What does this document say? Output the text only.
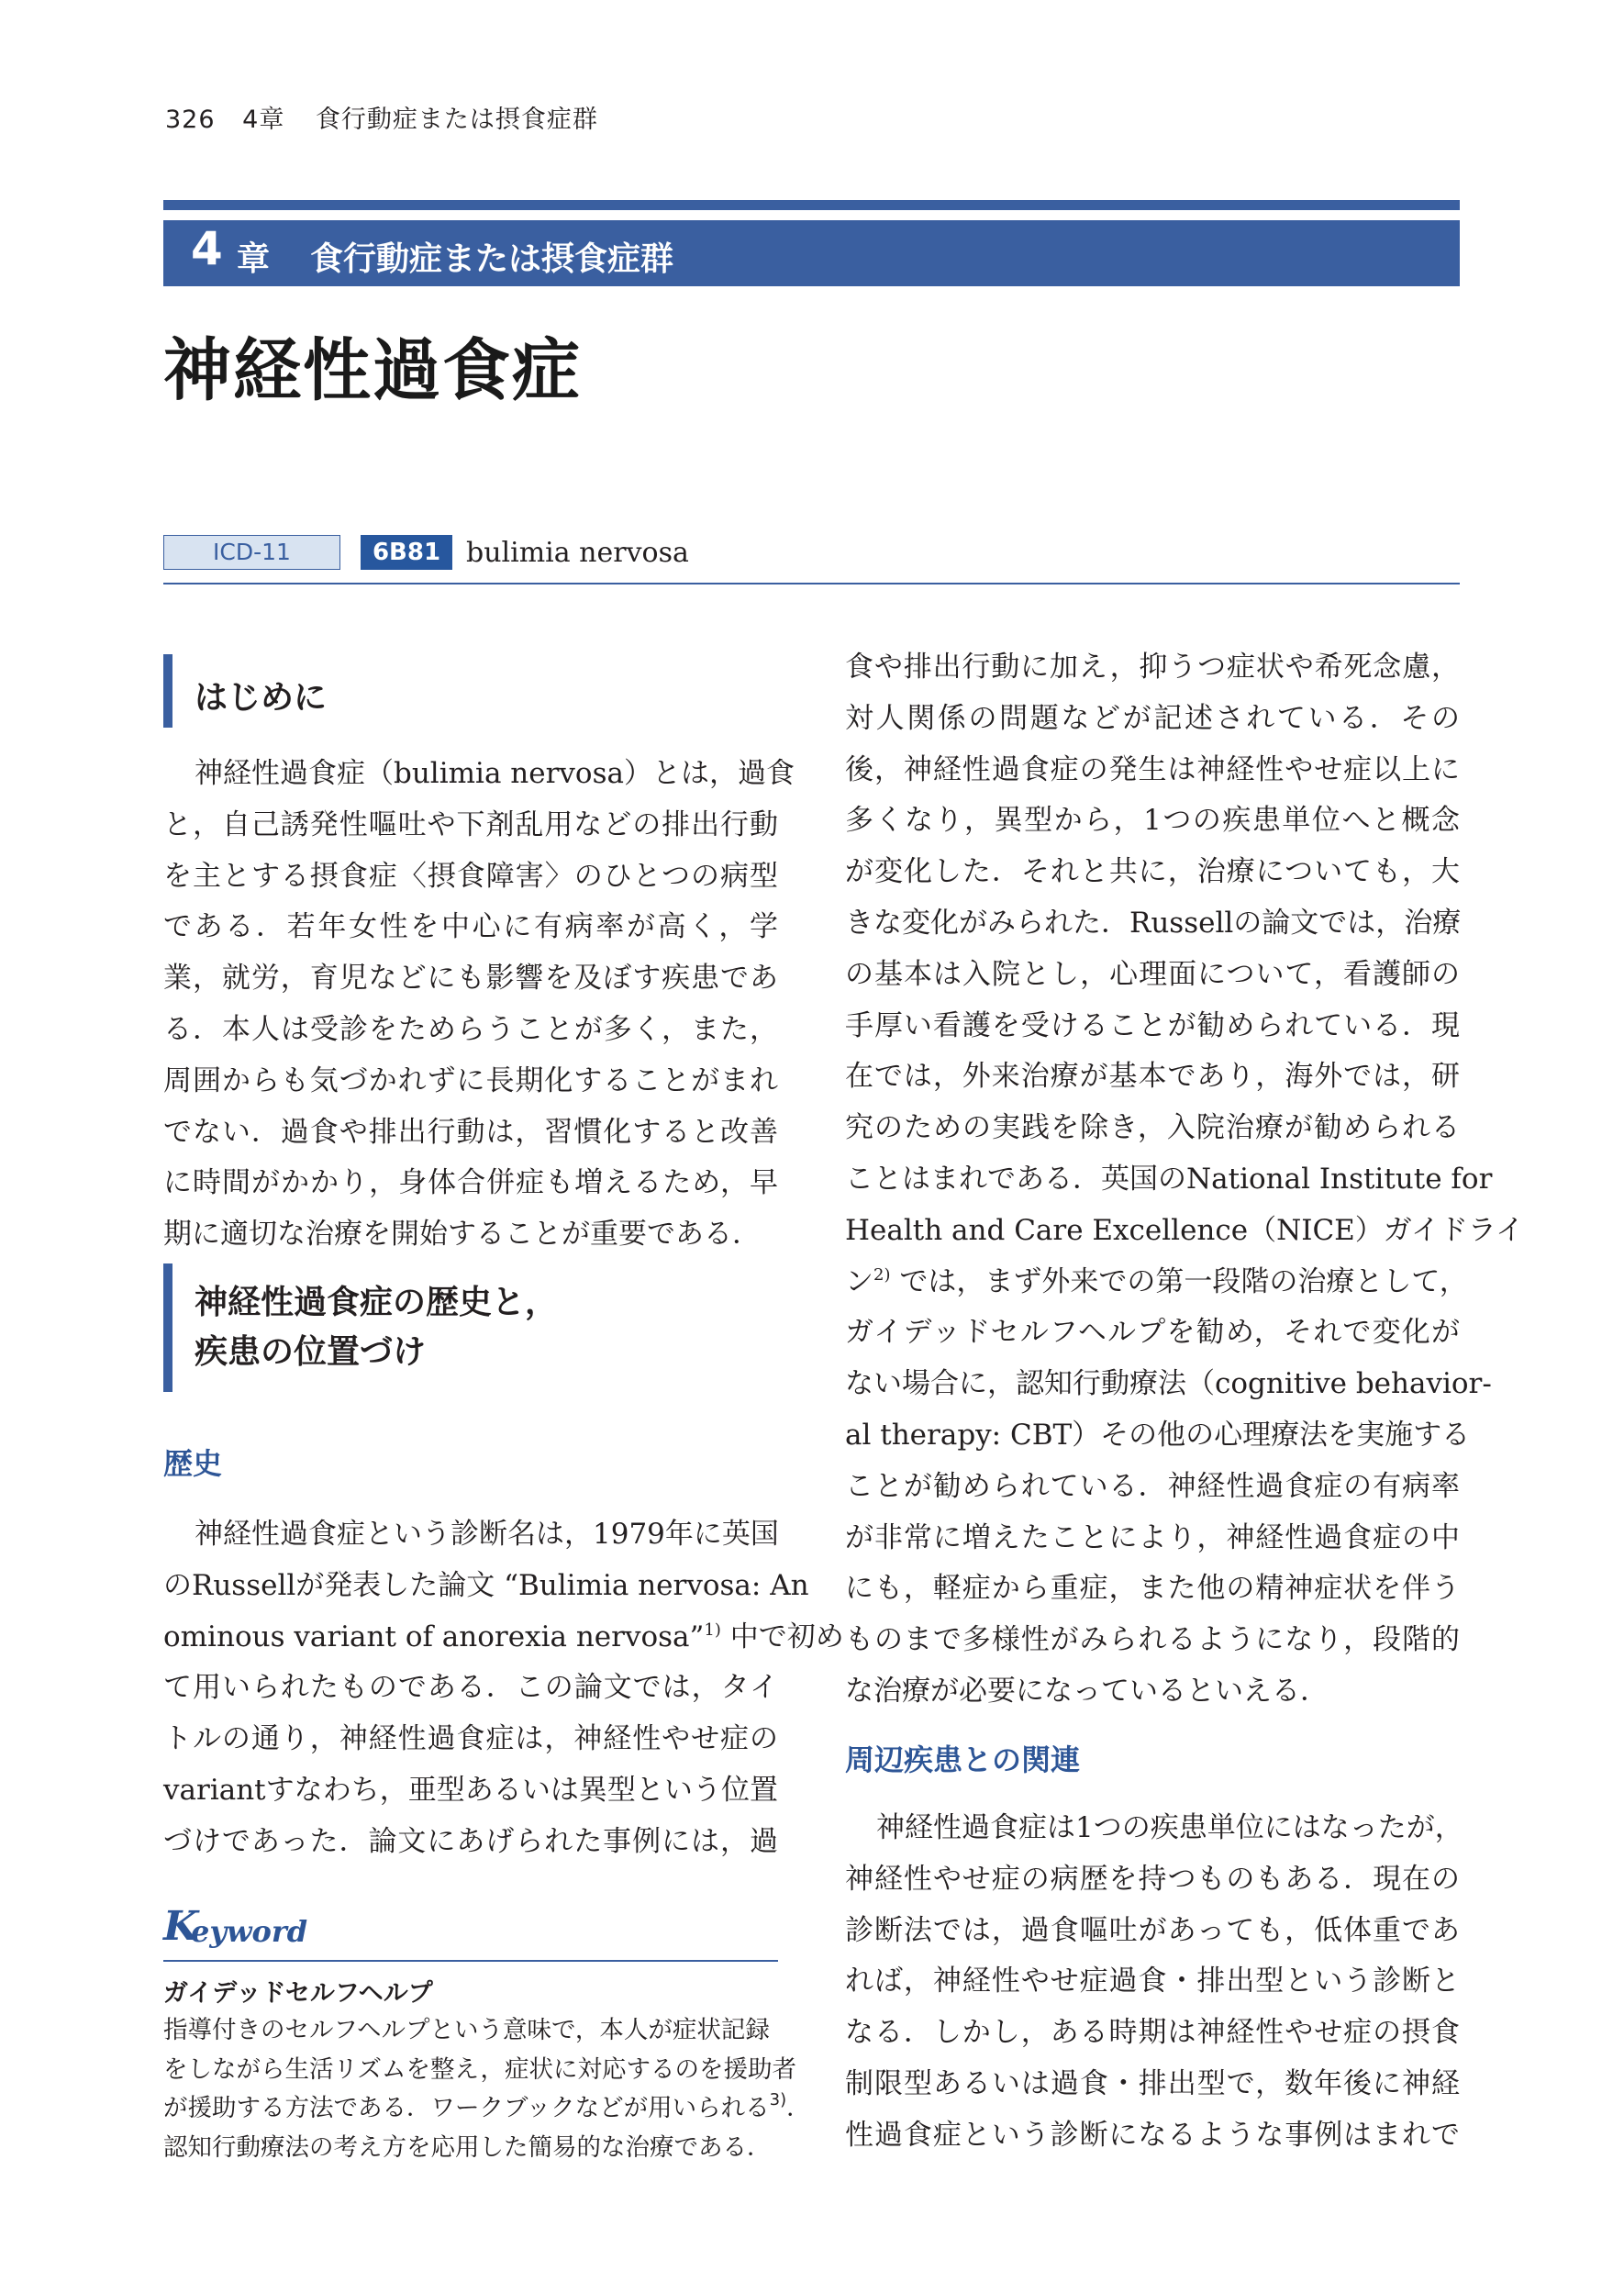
326 4章 食行動症または摂食症群
4 章 食行動症または摂食症群
神経性過食症
ICD-11	6B81 bulimia nervosa
はじめに

神経性過食症（bulimia nervosa）とは，過食

と，自己誘発性嘔吐や下剤乱用などの排出行動

を主とする摂食症〈摂食障害〉のひとつの病型

である．若年女性を中心に有病率が高く，学

業，就労，育児などにも影響を及ぼす疾患であ

る．本人は受診をためらうことが多く，また，

周囲からも気づかれずに長期化することがまれ

でない．過食や排出行動は，習慣化すると改善

に時間がかかり，身体合併症も増えるため，早

期に適切な治療を開始することが重要である．

神経性過食症の歴史と，
疾患の位置づけ
歴史

神経性過食症という診断名は，1979年に英国

のRussellが発表した論文 “Bulimia nervosa: An

ominous variant of anorexia nervosa”$^{1)}$ 中で初め

て用いられたものである．この論文では，タイ

トルの通り，神経性過食症は，神経性やせ症の

variantすなわち，亜型あるいは異型という位置

づけであった．論文にあげられた事例には，過

K
eyword
ガイデッドセルフヘルプ

指導付きのセルフヘルプという意味で，本人が症状記録

をしながら生活リズムを整え，症状に対応するのを援助者

が援助する方法である．ワークブックなどが用いられる$^{3)}$．

認知行動療法の考え方を応用した簡易的な治療である．

食や排出行動に加え，抑うつ症状や希死念慮，

対人関係の問題などが記述されている．その

後，神経性過食症の発生は神経性やせ症以上に

多くなり，異型から，1つの疾患単位へと概念

が変化した．それと共に，治療についても，大

きな変化がみられた．Russellの論文では，治療

の基本は入院とし，心理面について，看護師の

手厚い看護を受けることが勧められている．現

在では，外来治療が基本であり，海外では，研

究のための実践を除き，入院治療が勧められる

ことはまれである．英国のNational Institute for

Health and Care Excellence（NICE）ガイドライ

ン$^{2)}$ では，まず外来での第一段階の治療として，

ガイデッドセルフヘルプを勧め，それで変化が

ない場合に，認知行動療法（cognitive behavior-

al therapy: CBT）その他の心理療法を実施する

ことが勧められている．神経性過食症の有病率

が非常に増えたことにより，神経性過食症の中

にも，軽症から重症，また他の精神症状を伴う

ものまで多様性がみられるようになり，段階的

な治療が必要になっているといえる．

周辺疾患との関連

神経性過食症は1つの疾患単位にはなったが，

神経性やせ症の病歴を持つものもある．現在の

診断法では，過食嘔吐があっても，低体重であ

れば，神経性やせ症過食・排出型という診断と

なる．しかし，ある時期は神経性やせ症の摂食

制限型あるいは過食・排出型で，数年後に神経

性過食症という診断になるような事例はまれで
